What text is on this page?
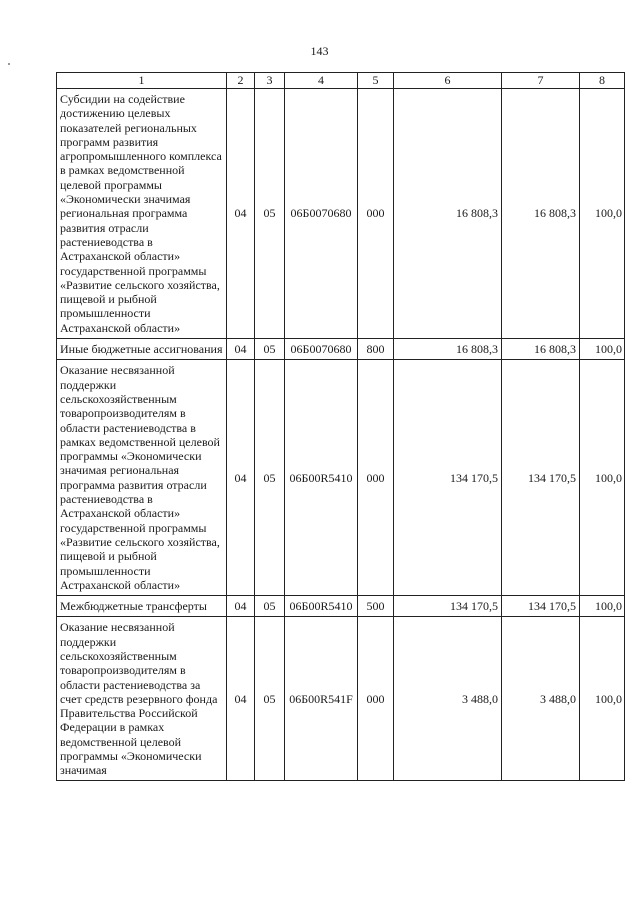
143
1	2	3	4	5	6	7	8
Субсидии на содействие достижению целевых показателей региональных программ развития агропромышленного комплекса в рамках ведомственной целевой программы «Экономически значимая региональная программа развития отрасли растениеводства в Астраханской области» государственной программы «Развитие сельского хозяйства, пищевой и рыбной промышленности Астраханской области»	04	05	06Б0070680	000	16 808,3	16 808,3	100,0
Иные бюджетные ассигнования	04	05	06Б0070680	800	16 808,3	16 808,3	100,0
Оказание несвязанной поддержки сельскохозяйственным товаропроизводителям в области растениеводства в рамках ведомственной целевой программы «Экономически значимая региональная программа развития отрасли растениеводства в Астраханской области» государственной программы «Развитие сельского хозяйства, пищевой и рыбной промышленности Астраханской области»	04	05	06Б00R5410	000	134 170,5	134 170,5	100,0
Межбюджетные трансферты	04	05	06Б00R5410	500	134 170,5	134 170,5	100,0

Оказание несвязанной поддержки сельскохозяйственным товаропроизводителям в области растениеводства за счет средств резервного фонда Правительства Российской Федерации в рамках ведомственной целевой программы «Экономически значимая	04	05	06Б00R541F	000	3 488,0	3 488,0	100,0
